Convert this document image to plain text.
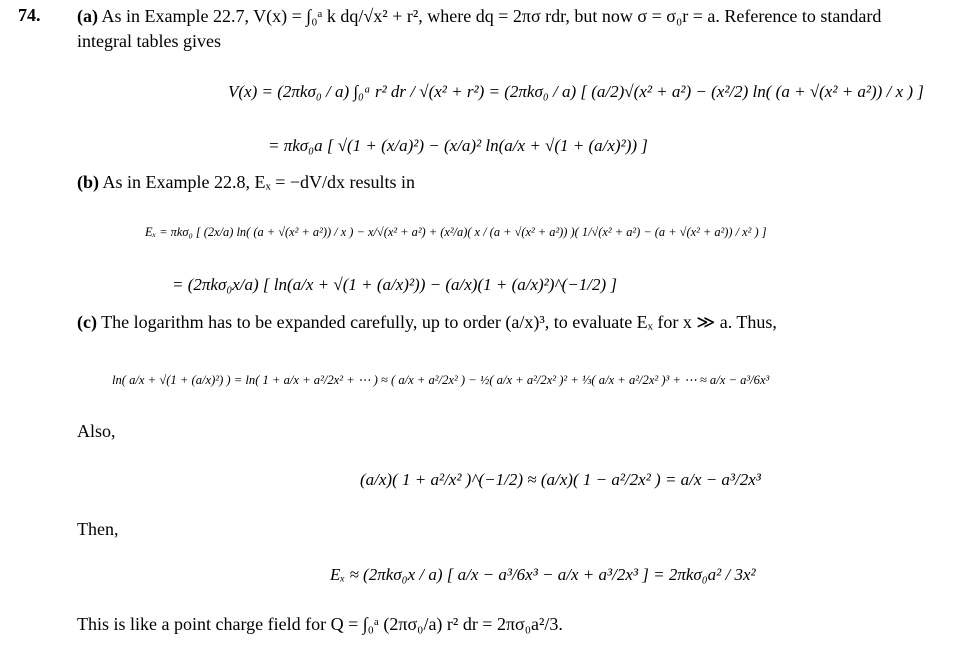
74. (a) As in Example 22.7, V(x) = ∫₀ᵃ k dq/√x² + r², where dq = 2πσ rdr, but now σ = σ₀r = a. Reference to standard
integral tables gives
V(x) = (2πkσ₀ / a) ∫₀ᵃ r² dr / √(x² + r²) = (2πkσ₀ / a) [ (a/2)√(x² + a²) − (x²/2) ln( (a + √(x² + a²)) / x ) ]
= πkσ₀a [ √(1 + (x/a)²) − (x/a)² ln(a/x + √(1 + (a/x)²)) ]
(b) As in Example 22.8, Eₓ = −dV/dx results in
Eₓ = πkσ₀ [ (2x/a) ln( (a + √(x² + a²)) / x ) − x/√(x² + a²) + (x²/a)( x / (a + √(x² + a²)) )( 1/√(x² + a²) − (a + √(x² + a²)) / x² ) ]
= (2πkσ₀x/a) [ ln(a/x + √(1 + (a/x)²)) − (a/x)(1 + (a/x)²)^(−1/2) ]
(c) The logarithm has to be expanded carefully, up to order (a/x)³, to evaluate Eₓ for x ≫ a. Thus,
ln( a/x + √(1 + (a/x)²) ) = ln( 1 + a/x + a²/2x² + ⋯ ) ≈ ( a/x + a²/2x² ) − ½( a/x + a²/2x² )² + ⅓( a/x + a²/2x² )³ + ⋯ ≈ a/x − a³/6x³
Also,
(a/x)( 1 + a²/x² )^(−1/2) ≈ (a/x)( 1 − a²/2x² ) = a/x − a³/2x³
Then,
Eₓ ≈ (2πkσ₀x / a) [ a/x − a³/6x³ − a/x + a³/2x³ ] = 2πkσ₀a² / 3x²
This is like a point charge field for Q = ∫₀ᵃ (2πσ₀/a) r² dr = 2πσ₀a²/3.
